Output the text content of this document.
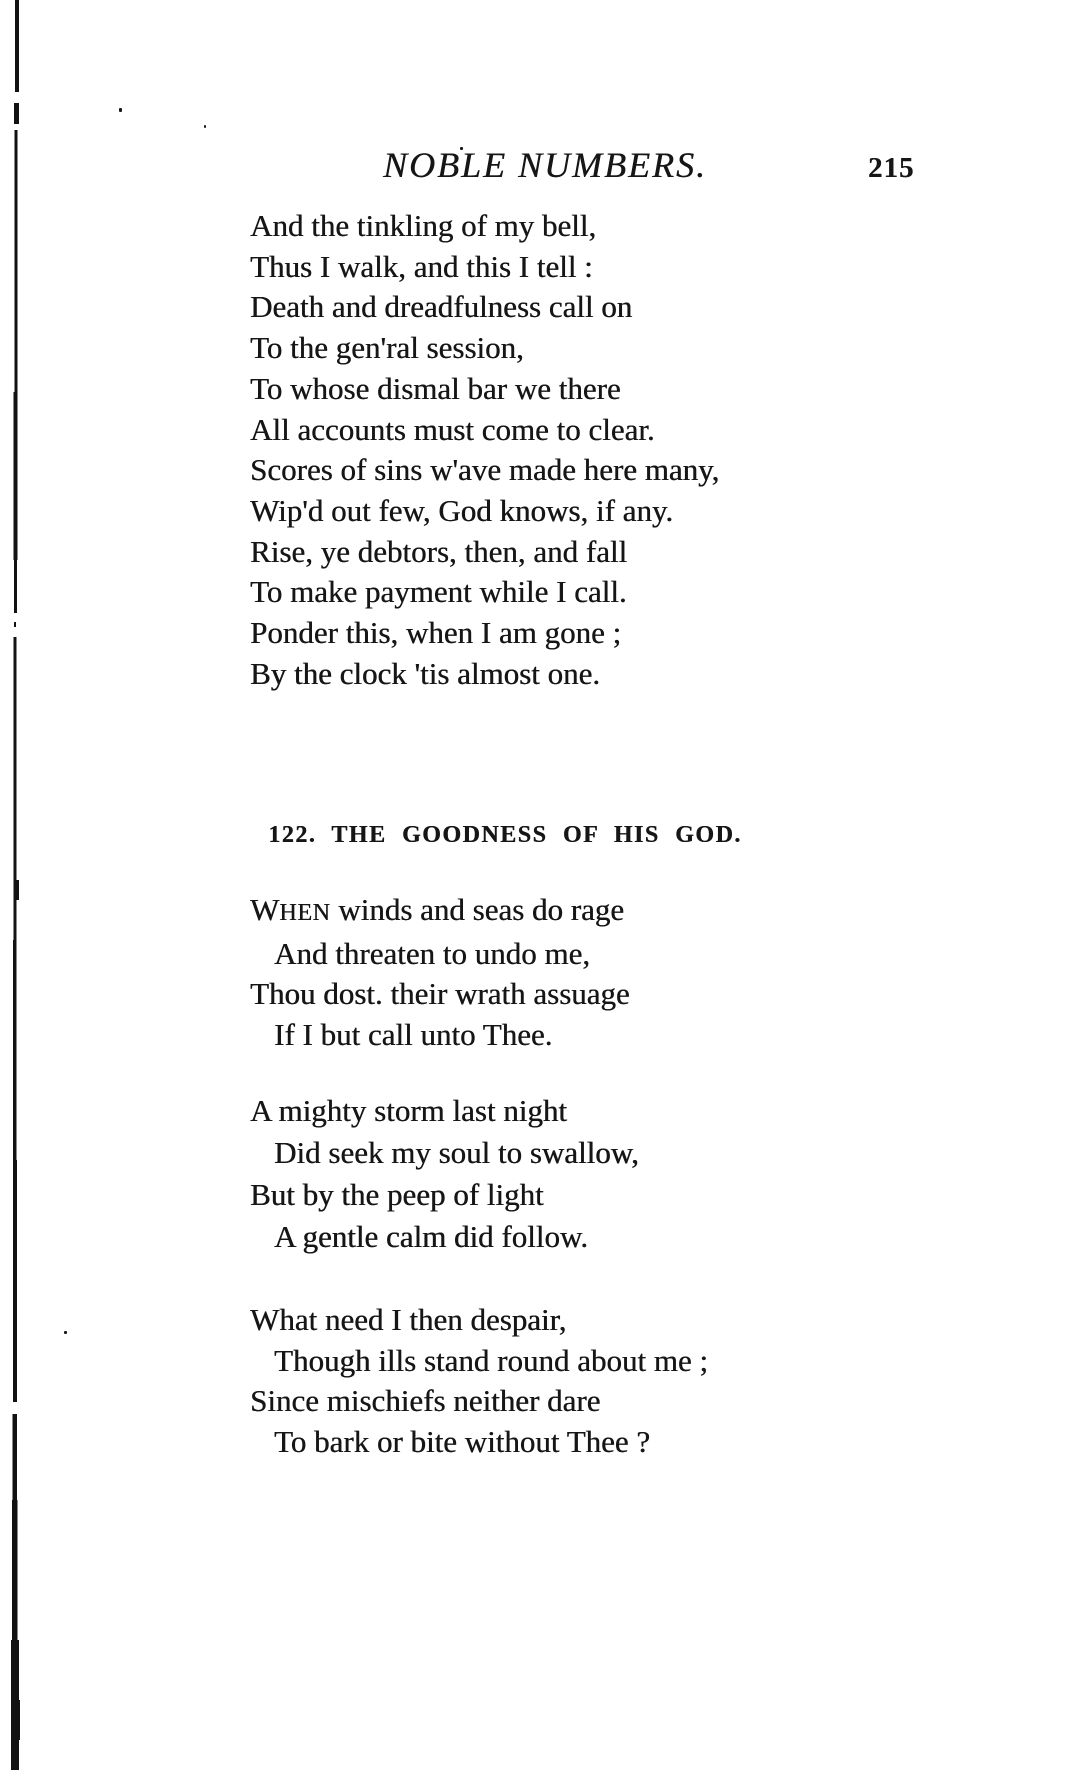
NOBLE NUMBERS.	215
And the tinkling of my bell,
Thus I walk, and this I tell :
Death and dreadfulness call on
To the gen'ral session,
To whose dismal bar we there
All accounts must come to clear.
Scores of sins w'ave made here many,
Wip'd out few, God knows, if any.
Rise, ye debtors, then, and fall
To make payment while I call.
Ponder this, when I am gone ;
By the clock 'tis almost one.
122. THE GOODNESS OF HIS GOD.
WHEN winds and seas do rage
And threaten to undo me,
Thou dost. their wrath assuage
If I but call unto Thee.
A mighty storm last night
Did seek my soul to swallow,
But by the peep of light
A gentle calm did follow.
What need I then despair,
Though ills stand round about me ;
Since mischiefs neither dare
To bark or bite without Thee ?
